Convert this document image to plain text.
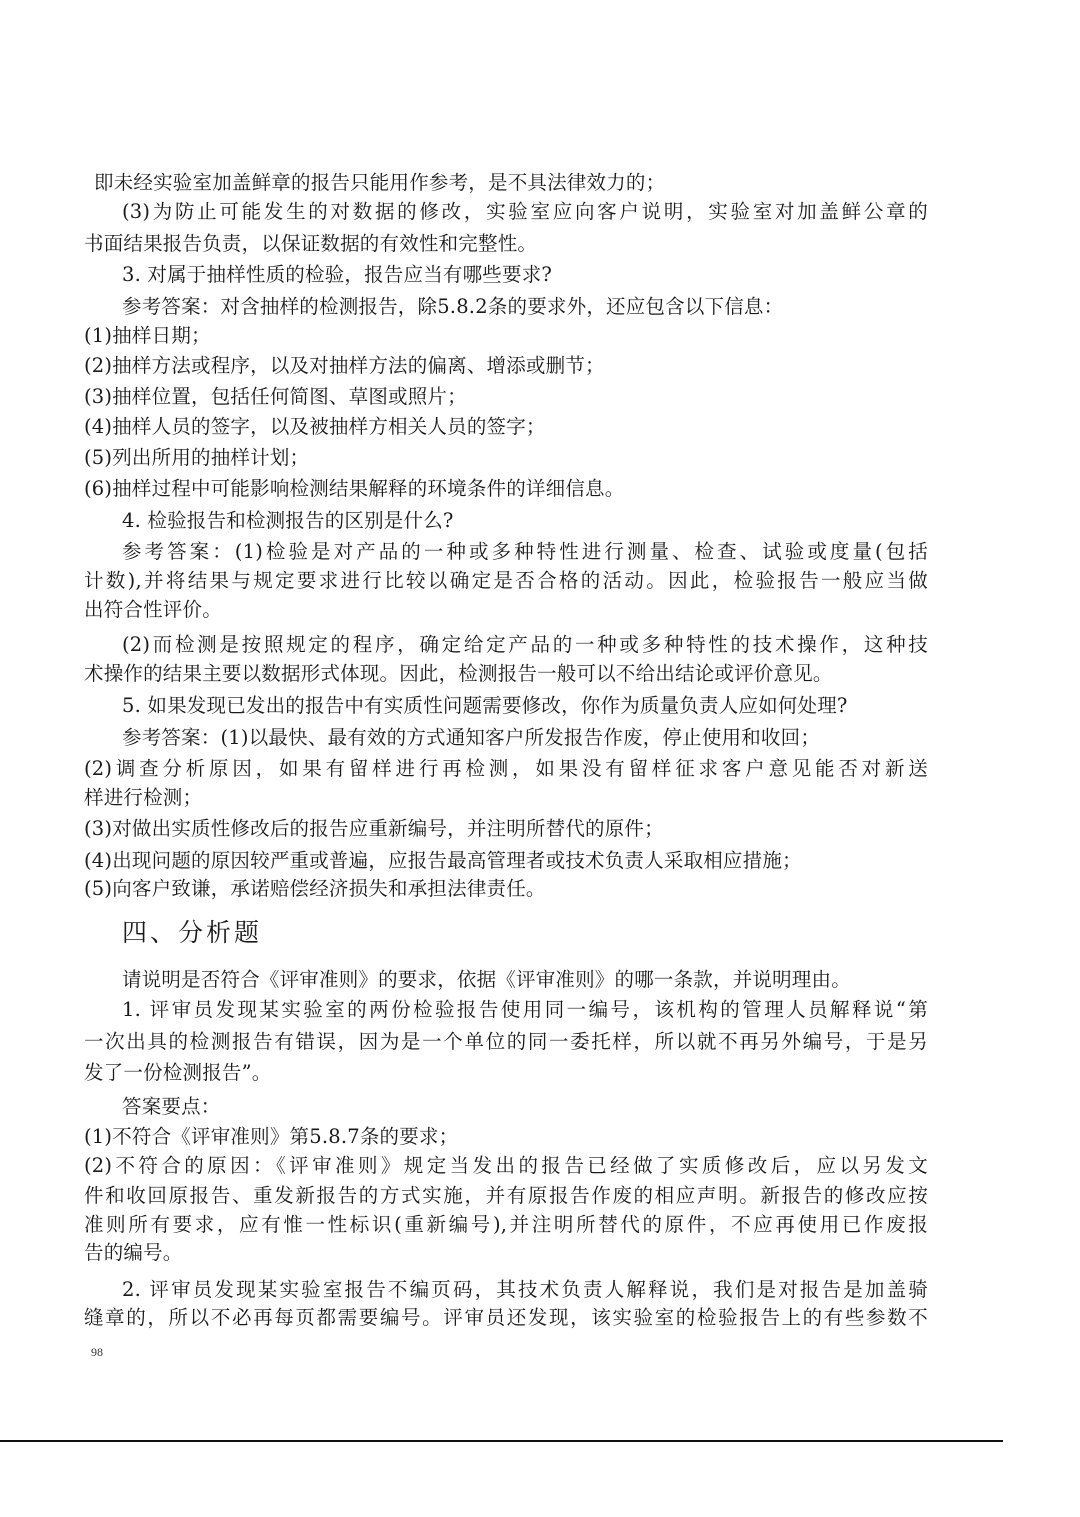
即未经实验室加盖鲜章的报告只能用作参考，是不具法律效力的；
(3)为防止可能发生的对数据的修改，实验室应向客户说明，实验室对加盖鲜公章的
书面结果报告负责，以保证数据的有效性和完整性。
3. 对属于抽样性质的检验，报告应当有哪些要求?
参考答案：对含抽样的检测报告，除5.8.2条的要求外，还应包含以下信息：
(1)抽样日期；
(2)抽样方法或程序，以及对抽样方法的偏离、增添或删节；
(3)抽样位置，包括任何简图、草图或照片；
(4)抽样人员的签字，以及被抽样方相关人员的签字；
(5)列出所用的抽样计划；
(6)抽样过程中可能影响检测结果解释的环境条件的详细信息。
4. 检验报告和检测报告的区别是什么?
参考答案：(1)检验是对产品的一种或多种特性进行测量、检查、试验或度量(包括
计数),并将结果与规定要求进行比较以确定是否合格的活动。因此，检验报告一般应当做
出符合性评价。
(2)而检测是按照规定的程序，确定给定产品的一种或多种特性的技术操作，这种技
术操作的结果主要以数据形式体现。因此，检测报告一般可以不给出结论或评价意见。
5. 如果发现已发出的报告中有实质性问题需要修改，你作为质量负责人应如何处理?
参考答案：(1)以最快、最有效的方式通知客户所发报告作废，停止使用和收回；
(2)调查分析原因，如果有留样进行再检测，如果没有留样征求客户意见能否对新送
样进行检测；
(3)对做出实质性修改后的报告应重新编号，并注明所替代的原件；
(4)出现问题的原因较严重或普遍，应报告最高管理者或技术负责人采取相应措施；
(5)向客户致谦，承诺赔偿经济损失和承担法律责任。
四、分析题
请说明是否符合《评审准则》的要求，依据《评审准则》的哪一条款，并说明理由。
1. 评审员发现某实验室的两份检验报告使用同一编号，该机构的管理人员解释说“第
一次出具的检测报告有错误，因为是一个单位的同一委托样，所以就不再另外编号，于是另
发了一份检测报告”。
答案要点：
(1)不符合《评审准则》第5.8.7条的要求；
(2)不符合的原因：《评审准则》规定当发出的报告已经做了实质修改后，应以另发文
件和收回原报告、重发新报告的方式实施，并有原报告作废的相应声明。新报告的修改应按
准则所有要求，应有惟一性标识(重新编号),并注明所替代的原件，不应再使用已作废报
告的编号。
2. 评审员发现某实验室报告不编页码，其技术负责人解释说，我们是对报告是加盖骑
缝章的，所以不必再每页都需要编号。评审员还发现，该实验室的检验报告上的有些参数不
98
